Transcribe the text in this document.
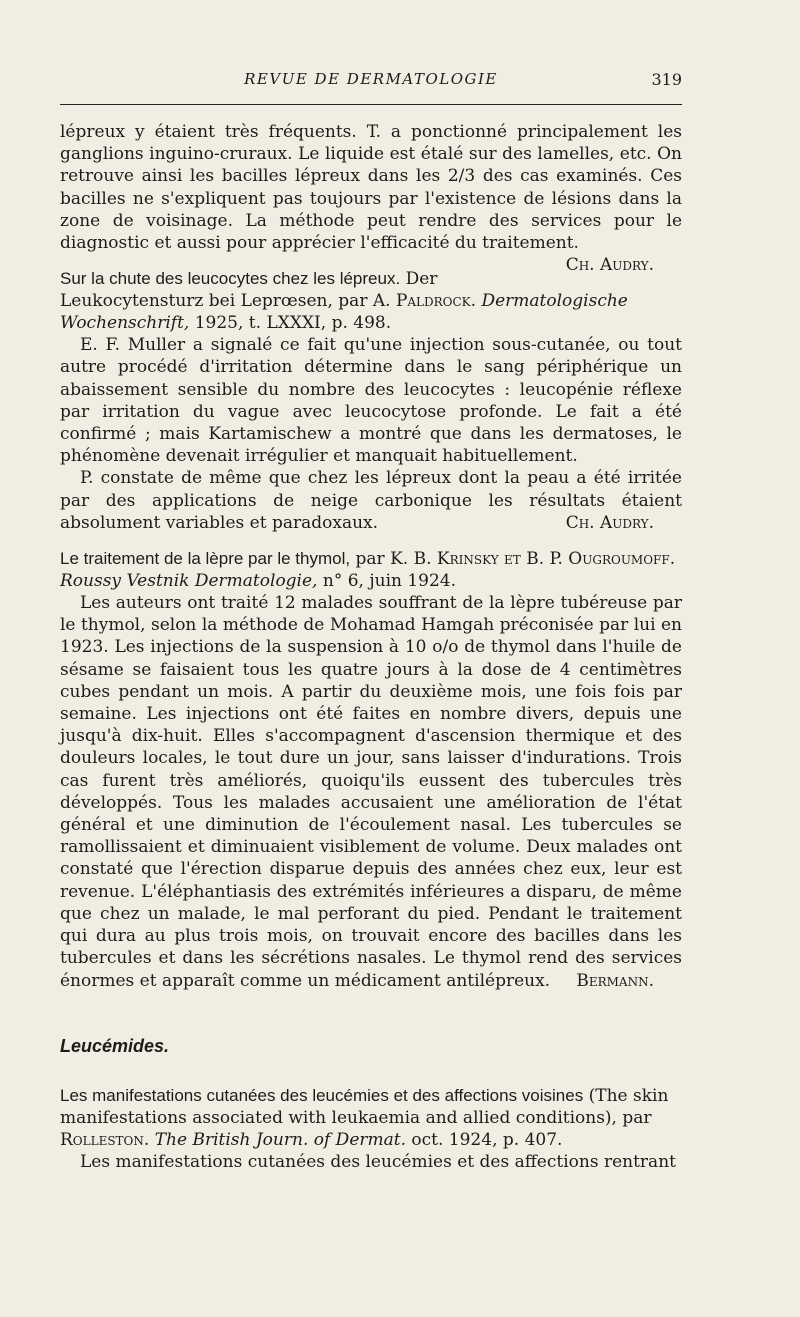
REVUE DE DERMATOLOGIE	319

lépreux y étaient très fréquents. T. a ponctionné principalement les ganglions inguino-cruraux. Le liquide est étalé sur des lamelles, etc. On retrouve ainsi les bacilles lépreux dans les 2/3 des cas examinés. Ces bacilles ne s'expliquent pas toujours par l'existence de lésions dans la zone de voisinage. La méthode peut rendre des services pour le diagnostic et aussi pour apprécier l'efficacité du traitement.
Ch. Audry.

Sur la chute des leucocytes chez les lépreux. Der Leukocytensturz bei Leprœsen, par A. Paldrock. Dermatologische Wochenschrift, 1925, t. LXXXI, p. 498.

E. F. Muller a signalé ce fait qu'une injection sous-cutanée, ou tout autre procédé d'irritation détermine dans le sang périphérique un abaissement sensible du nombre des leucocytes : leucopénie réflexe par irritation du vague avec leucocytose profonde. Le fait a été confirmé ; mais Kartamischew a montré que dans les dermatoses, le phénomène devenait irrégulier et manquait habituellement.

P. constate de même que chez les lépreux dont la peau a été irritée par des applications de neige carbonique les résultats étaient absolument variables et paradoxaux.	Ch. Audry.

Le traitement de la lèpre par le thymol, par K. B. Krinsky et B. P. Ougroumoff. Roussy Vestnik Dermatologie, n° 6, juin 1924.

Les auteurs ont traité 12 malades souffrant de la lèpre tubéreuse par le thymol, selon la méthode de Mohamad Hamgah préconisée par lui en 1923. Les injections de la suspension à 10 o/o de thymol dans l'huile de sésame se faisaient tous les quatre jours à la dose de 4 centimètres cubes pendant un mois. A partir du deuxième mois, une fois fois par semaine. Les injections ont été faites en nombre divers, depuis une jusqu'à dix-huit. Elles s'accompagnent d'ascension thermique et des douleurs locales, le tout dure un jour, sans laisser d'indurations. Trois cas furent très améliorés, quoiqu'ils eussent des tubercules très développés. Tous les malades accusaient une amélioration de l'état général et une diminution de l'écoulement nasal. Les tubercules se ramollissaient et diminuaient visiblement de volume. Deux malades ont constaté que l'érection disparue depuis des années chez eux, leur est revenue. L'éléphantiasis des extrémités inférieures a disparu, de même que chez un malade, le mal perforant du pied. Pendant le traitement qui dura au plus trois mois, on trouvait encore des bacilles dans les tubercules et dans les sécrétions nasales. Le thymol rend des services énormes et apparaît comme un médicament antilépreux.	Bermann.

Leucémides.
Les manifestations cutanées des leucémies et des affections voisines (The skin manifestations associated with leukaemia and allied conditions), par Rolleston. The British Journ. of Dermat. oct. 1924, p. 407.

Les manifestations cutanées des leucémies et des affections rentrant
